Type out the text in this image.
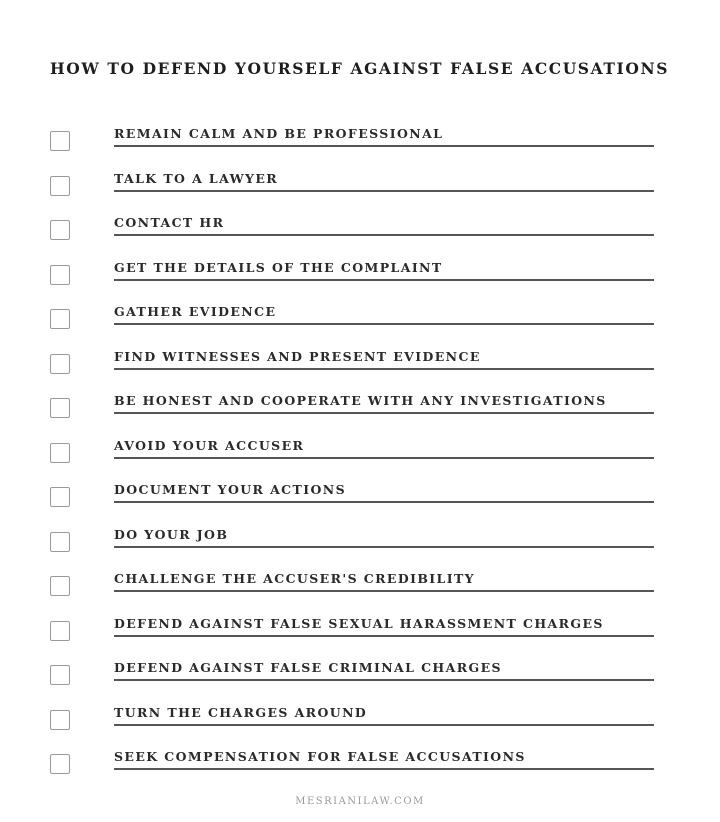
HOW TO DEFEND YOURSELF AGAINST FALSE ACCUSATIONS
REMAIN CALM AND BE PROFESSIONAL
TALK TO A LAWYER
CONTACT HR
GET THE DETAILS OF THE COMPLAINT
GATHER EVIDENCE
FIND WITNESSES AND PRESENT EVIDENCE
BE HONEST AND COOPERATE WITH ANY INVESTIGATIONS
AVOID YOUR ACCUSER
DOCUMENT YOUR ACTIONS
DO YOUR JOB
CHALLENGE THE ACCUSER'S CREDIBILITY
DEFEND AGAINST FALSE SEXUAL HARASSMENT CHARGES
DEFEND AGAINST FALSE CRIMINAL CHARGES
TURN THE CHARGES AROUND
SEEK COMPENSATION FOR FALSE ACCUSATIONS
MESRIANILAW.COM
